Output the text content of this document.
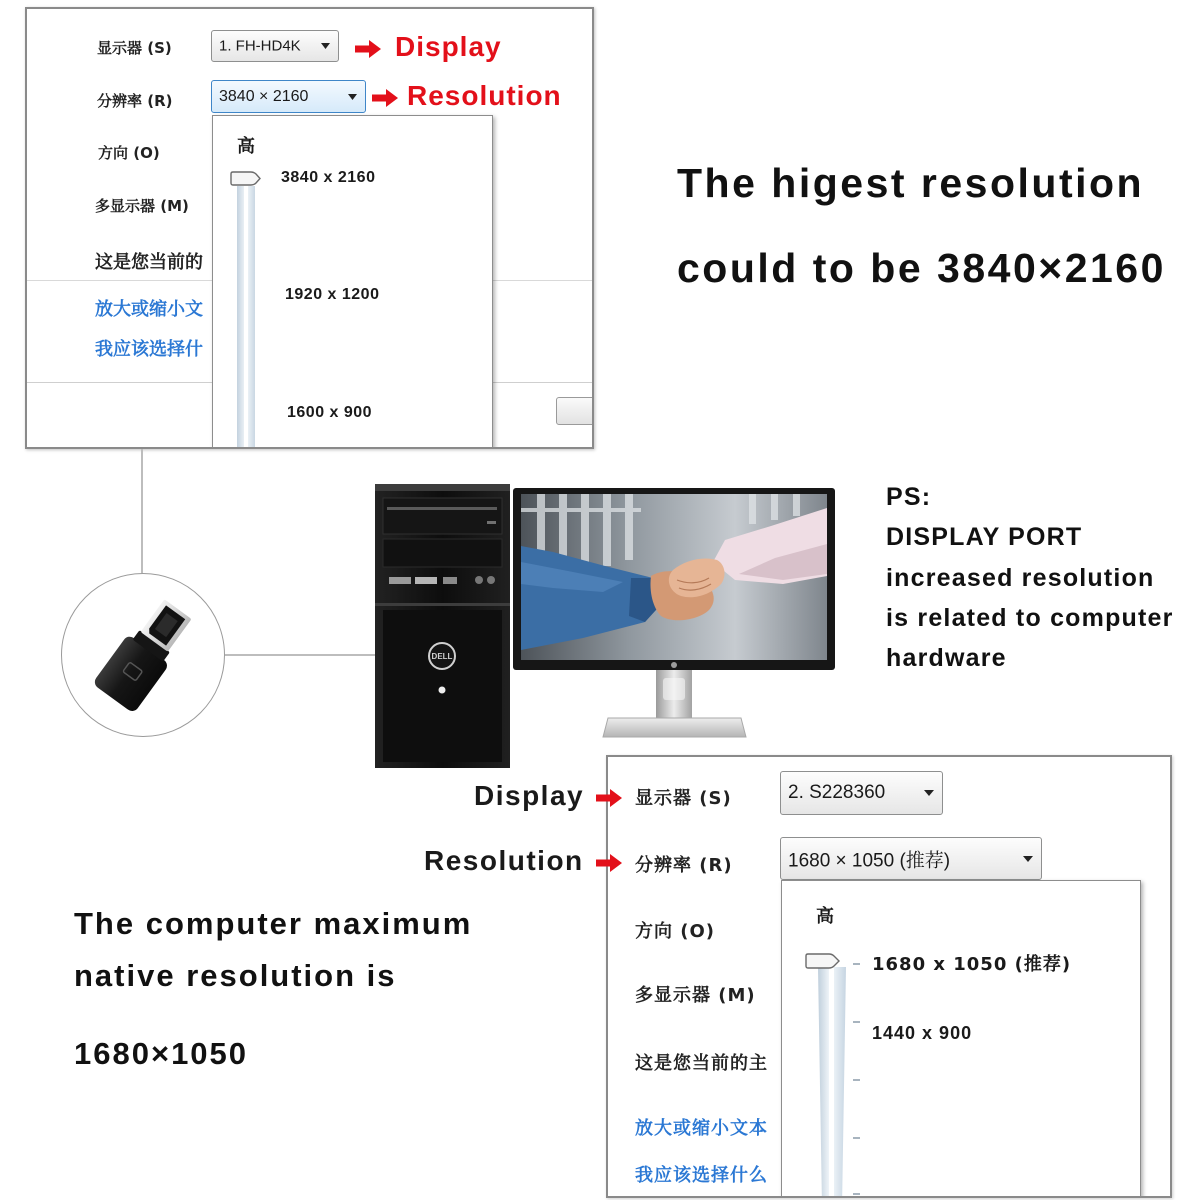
显示器 (S)	1. FH-HD4K	Display
分辨率 (R)	3840 × 2160	Resolution
方向 (O)
多显示器 (M)
这是您当前的
放大或缩小文
我应该选择什
高
3840 x 2160
1920 x 1200
1600 x 900
DELL
The higest resolution
could to be 3840×2160
PS:
DISPLAY PORT
increased resolution
is related to computer
hardware
Display
Resolution
The computer maximum
native resolution is
1680×1050
显示器 (S)	2. S228360
分辨率 (R)	1680 × 1050 (推荐)
方向 (O)
多显示器 (M)
这是您当前的主
放大或缩小文本
我应该选择什么
高
1680 x 1050 (推荐)
1440 x 900
